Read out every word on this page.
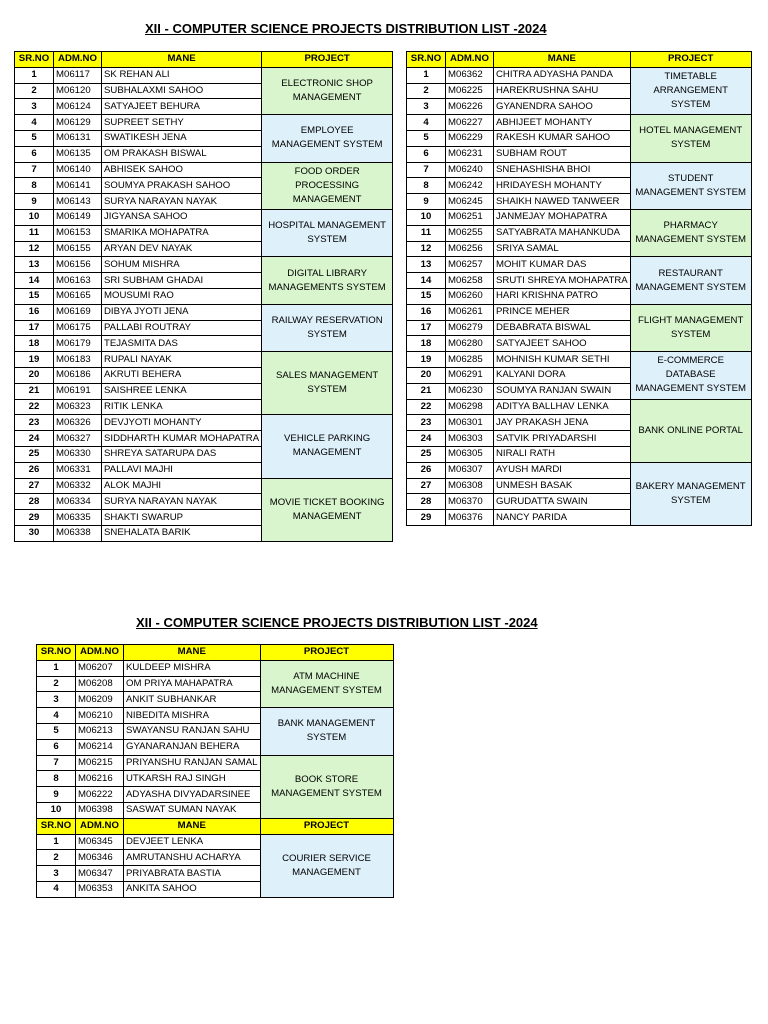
XII - COMPUTER SCIENCE PROJECTS DISTRIBUTION LIST -2024
SR.NO	ADM.NO	MANE	PROJECT
1	M06117	SK REHAN ALI	ELECTRONIC SHOP MANAGEMENT
2	M06120	SUBHALAXMI SAHOO	
3	M06124	SATYAJEET BEHURA	
4	M06129	SUPREET SETHY	EMPLOYEE MANAGEMENT SYSTEM
5	M06131	SWATIKESH JENA	
6	M06135	OM PRAKASH BISWAL	
7	M06140	ABHISEK SAHOO	FOOD ORDER PROCESSING MANAGEMENT
8	M06141	SOUMYA PRAKASH SAHOO	
9	M06143	SURYA NARAYAN NAYAK	
10	M06149	JIGYANSA SAHOO	HOSPITAL MANAGEMENT SYSTEM
11	M06153	SMARIKA MOHAPATRA	
12	M06155	ARYAN DEV NAYAK	
13	M06156	SOHUM MISHRA	DIGITAL LIBRARY MANAGEMENTS SYSTEM
14	M06163	SRI SUBHAM GHADAI	
15	M06165	MOUSUMI RAO	
16	M06169	DIBYA JYOTI JENA	RAILWAY RESERVATION SYSTEM
17	M06175	PALLABI ROUTRAY	
18	M06179	TEJASMITA DAS	
19	M06183	RUPALI NAYAK	SALES MANAGEMENT SYSTEM
20	M06186	AKRUTI BEHERA	
21	M06191	SAISHREE LENKA	
22	M06323	RITIK LENKA	
23	M06326	DEVJYOTI MOHANTY	VEHICLE PARKING MANAGEMENT
24	M06327	SIDDHARTH KUMAR MOHAPATRA	
25	M06330	SHREYA SATARUPA DAS	
26	M06331	PALLAVI MAJHI	
27	M06332	ALOK MAJHI	MOVIE TICKET BOOKING MANAGEMENT
28	M06334	SURYA NARAYAN NAYAK	
29	M06335	SHAKTI SWARUP	
30	M06338	SNEHALATA BARIK	
SR.NO	ADM.NO	MANE	PROJECT
1	M06362	CHITRA ADYASHA PANDA	TIMETABLE ARRANGEMENT SYSTEM
2	M06225	HAREKRUSHNA SAHU	
3	M06226	GYANENDRA SAHOO	
4	M06227	ABHIJEET MOHANTY	HOTEL MANAGEMENT SYSTEM
5	M06229	RAKESH KUMAR SAHOO	
6	M06231	SUBHAM ROUT	
7	M06240	SNEHASHISHA BHOI	STUDENT MANAGEMENT SYSTEM
8	M06242	HRIDAYESH MOHANTY	
9	M06245	SHAIKH NAWED TANWEER	
10	M06251	JANMEJAY MOHAPATRA	PHARMACY MANAGEMENT SYSTEM
11	M06255	SATYABRATA MAHANKUDA	
12	M06256	SRIYA SAMAL	
13	M06257	MOHIT KUMAR DAS	RESTAURANT MANAGEMENT SYSTEM
14	M06258	SRUTI SHREYA MOHAPATRA	
15	M06260	HARI KRISHNA PATRO	
16	M06261	PRINCE MEHER	FLIGHT MANAGEMENT SYSTEM
17	M06279	DEBABRATA BISWAL	
18	M06280	SATYAJEET SAHOO	
19	M06285	MOHNISH KUMAR SETHI	E-COMMERCE DATABASE MANAGEMENT SYSTEM
20	M06291	KALYANI DORA	
21	M06230	SOUMYA RANJAN SWAIN	
22	M06298	ADITYA BALLHAV LENKA	BANK ONLINE PORTAL
23	M06301	JAY PRAKASH JENA	
24	M06303	SATVIK PRIYADARSHI	
25	M06305	NIRALI RATH	
26	M06307	AYUSH MARDI	BAKERY MANAGEMENT SYSTEM
27	M06308	UNMESH BASAK	
28	M06370	GURUDATTA SWAIN	
29	M06376	NANCY PARIDA	
XII - COMPUTER SCIENCE PROJECTS DISTRIBUTION LIST -2024
SR.NO	ADM.NO	MANE	PROJECT
1	M06207	KULDEEP MISHRA	ATM MACHINE MANAGEMENT SYSTEM
2	M06208	OM PRIYA MAHAPATRA	
3	M06209	ANKIT SUBHANKAR	
4	M06210	NIBEDITA MISHRA	BANK MANAGEMENT SYSTEM
5	M06213	SWAYANSU RANJAN SAHU	
6	M06214	GYANARANJAN BEHERA	
7	M06215	PRIYANSHU RANJAN SAMAL	BOOK STORE MANAGEMENT SYSTEM
8	M06216	UTKARSH RAJ SINGH	
9	M06222	ADYASHA DIVYADARSINEE	
10	M06398	SASWAT SUMAN NAYAK	
SR.NO	ADM.NO	MANE	PROJECT
1	M06345	DEVJEET LENKA	COURIER SERVICE MANAGEMENT
2	M06346	AMRUTANSHU ACHARYA	
3	M06347	PRIYABRATA BASTIA	
4	M06353	ANKITA SAHOO	
